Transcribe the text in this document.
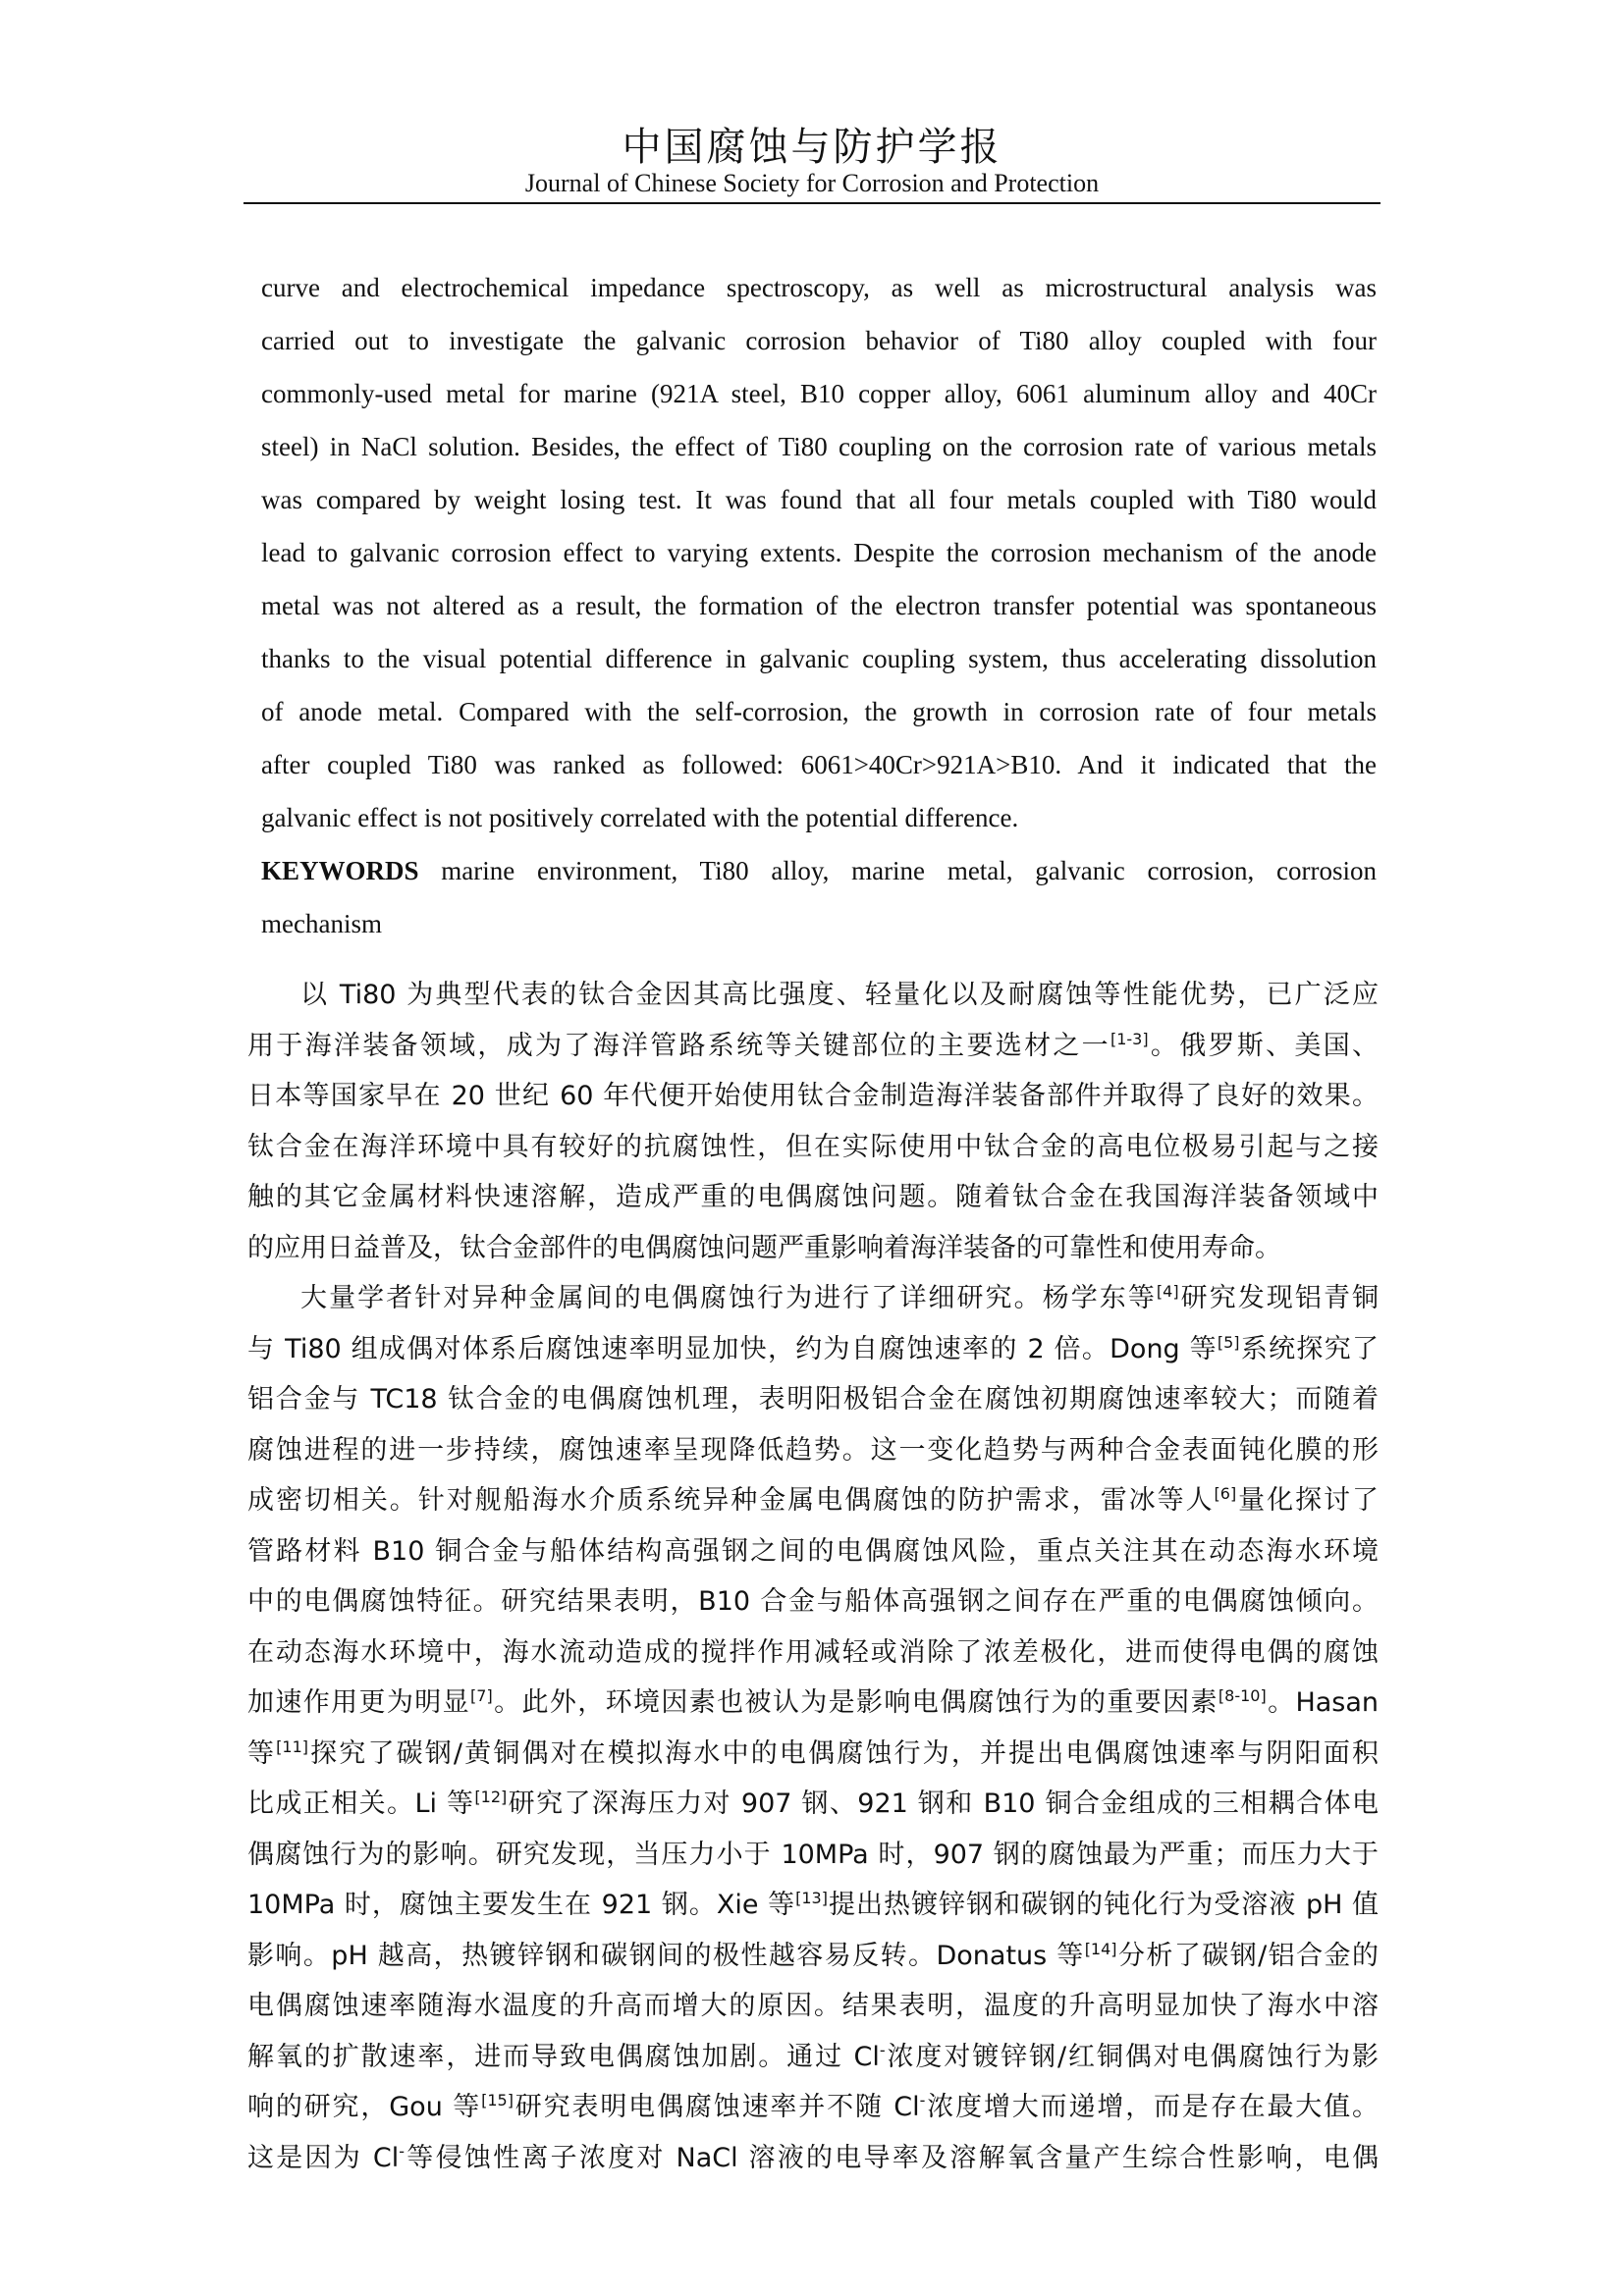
中国腐蚀与防护学报
Journal of Chinese Society for Corrosion and Protection
curve and electrochemical impedance spectroscopy, as well as microstructural analysis was
carried out to investigate the galvanic corrosion behavior of Ti80 alloy coupled with four
commonly-used metal for marine (921A steel, B10 copper alloy, 6061 aluminum alloy and 40Cr
steel) in NaCl solution. Besides, the effect of Ti80 coupling on the corrosion rate of various metals
was compared by weight losing test. It was found that all four metals coupled with Ti80 would
lead to galvanic corrosion effect to varying extents. Despite the corrosion mechanism of the anode
metal was not altered as a result, the formation of the electron transfer potential was spontaneous
thanks to the visual potential difference in galvanic coupling system, thus accelerating dissolution
of anode metal. Compared with the self-corrosion, the growth in corrosion rate of four metals
after coupled Ti80 was ranked as followed: 6061>40Cr>921A>B10. And it indicated that the
galvanic effect is not positively correlated with the potential difference.
KEYWORDS marine environment, Ti80 alloy, marine metal, galvanic corrosion, corrosion
mechanism
以 Ti80 为典型代表的钛合金因其高比强度、轻量化以及耐腐蚀等性能优势，已广泛应
用于海洋装备领域，成为了海洋管路系统等关键部位的主要选材之一[1-3]。俄罗斯、美国、
日本等国家早在 20 世纪 60 年代便开始使用钛合金制造海洋装备部件并取得了良好的效果。
钛合金在海洋环境中具有较好的抗腐蚀性，但在实际使用中钛合金的高电位极易引起与之接
触的其它金属材料快速溶解，造成严重的电偶腐蚀问题。随着钛合金在我国海洋装备领域中
的应用日益普及，钛合金部件的电偶腐蚀问题严重影响着海洋装备的可靠性和使用寿命。
大量学者针对异种金属间的电偶腐蚀行为进行了详细研究。杨学东等[4]研究发现铝青铜
与 Ti80 组成偶对体系后腐蚀速率明显加快，约为自腐蚀速率的 2 倍。Dong 等[5]系统探究了
铝合金与 TC18 钛合金的电偶腐蚀机理，表明阳极铝合金在腐蚀初期腐蚀速率较大；而随着
腐蚀进程的进一步持续，腐蚀速率呈现降低趋势。这一变化趋势与两种合金表面钝化膜的形
成密切相关。针对舰船海水介质系统异种金属电偶腐蚀的防护需求，雷冰等人[6]量化探讨了
管路材料 B10 铜合金与船体结构高强钢之间的电偶腐蚀风险，重点关注其在动态海水环境
中的电偶腐蚀特征。研究结果表明，B10 合金与船体高强钢之间存在严重的电偶腐蚀倾向。
在动态海水环境中，海水流动造成的搅拌作用减轻或消除了浓差极化，进而使得电偶的腐蚀
加速作用更为明显[7]。此外，环境因素也被认为是影响电偶腐蚀行为的重要因素[8-10]。Hasan
等[11]探究了碳钢/黄铜偶对在模拟海水中的电偶腐蚀行为，并提出电偶腐蚀速率与阴阳面积
比成正相关。Li 等[12]研究了深海压力对 907 钢、921 钢和 B10 铜合金组成的三相耦合体电
偶腐蚀行为的影响。研究发现，当压力小于 10MPa 时，907 钢的腐蚀最为严重；而压力大于
10MPa 时，腐蚀主要发生在 921 钢。Xie 等[13]提出热镀锌钢和碳钢的钝化行为受溶液 pH 值
影响。pH 越高，热镀锌钢和碳钢间的极性越容易反转。Donatus 等[14]分析了碳钢/铝合金的
电偶腐蚀速率随海水温度的升高而增大的原因。结果表明，温度的升高明显加快了海水中溶
解氧的扩散速率，进而导致电偶腐蚀加剧。通过 Cl-浓度对镀锌钢/红铜偶对电偶腐蚀行为影
响的研究，Gou 等[15]研究表明电偶腐蚀速率并不随 Cl-浓度增大而递增，而是存在最大值。
这是因为 Cl-等侵蚀性离子浓度对 NaCl 溶液的电导率及溶解氧含量产生综合性影响，电偶
